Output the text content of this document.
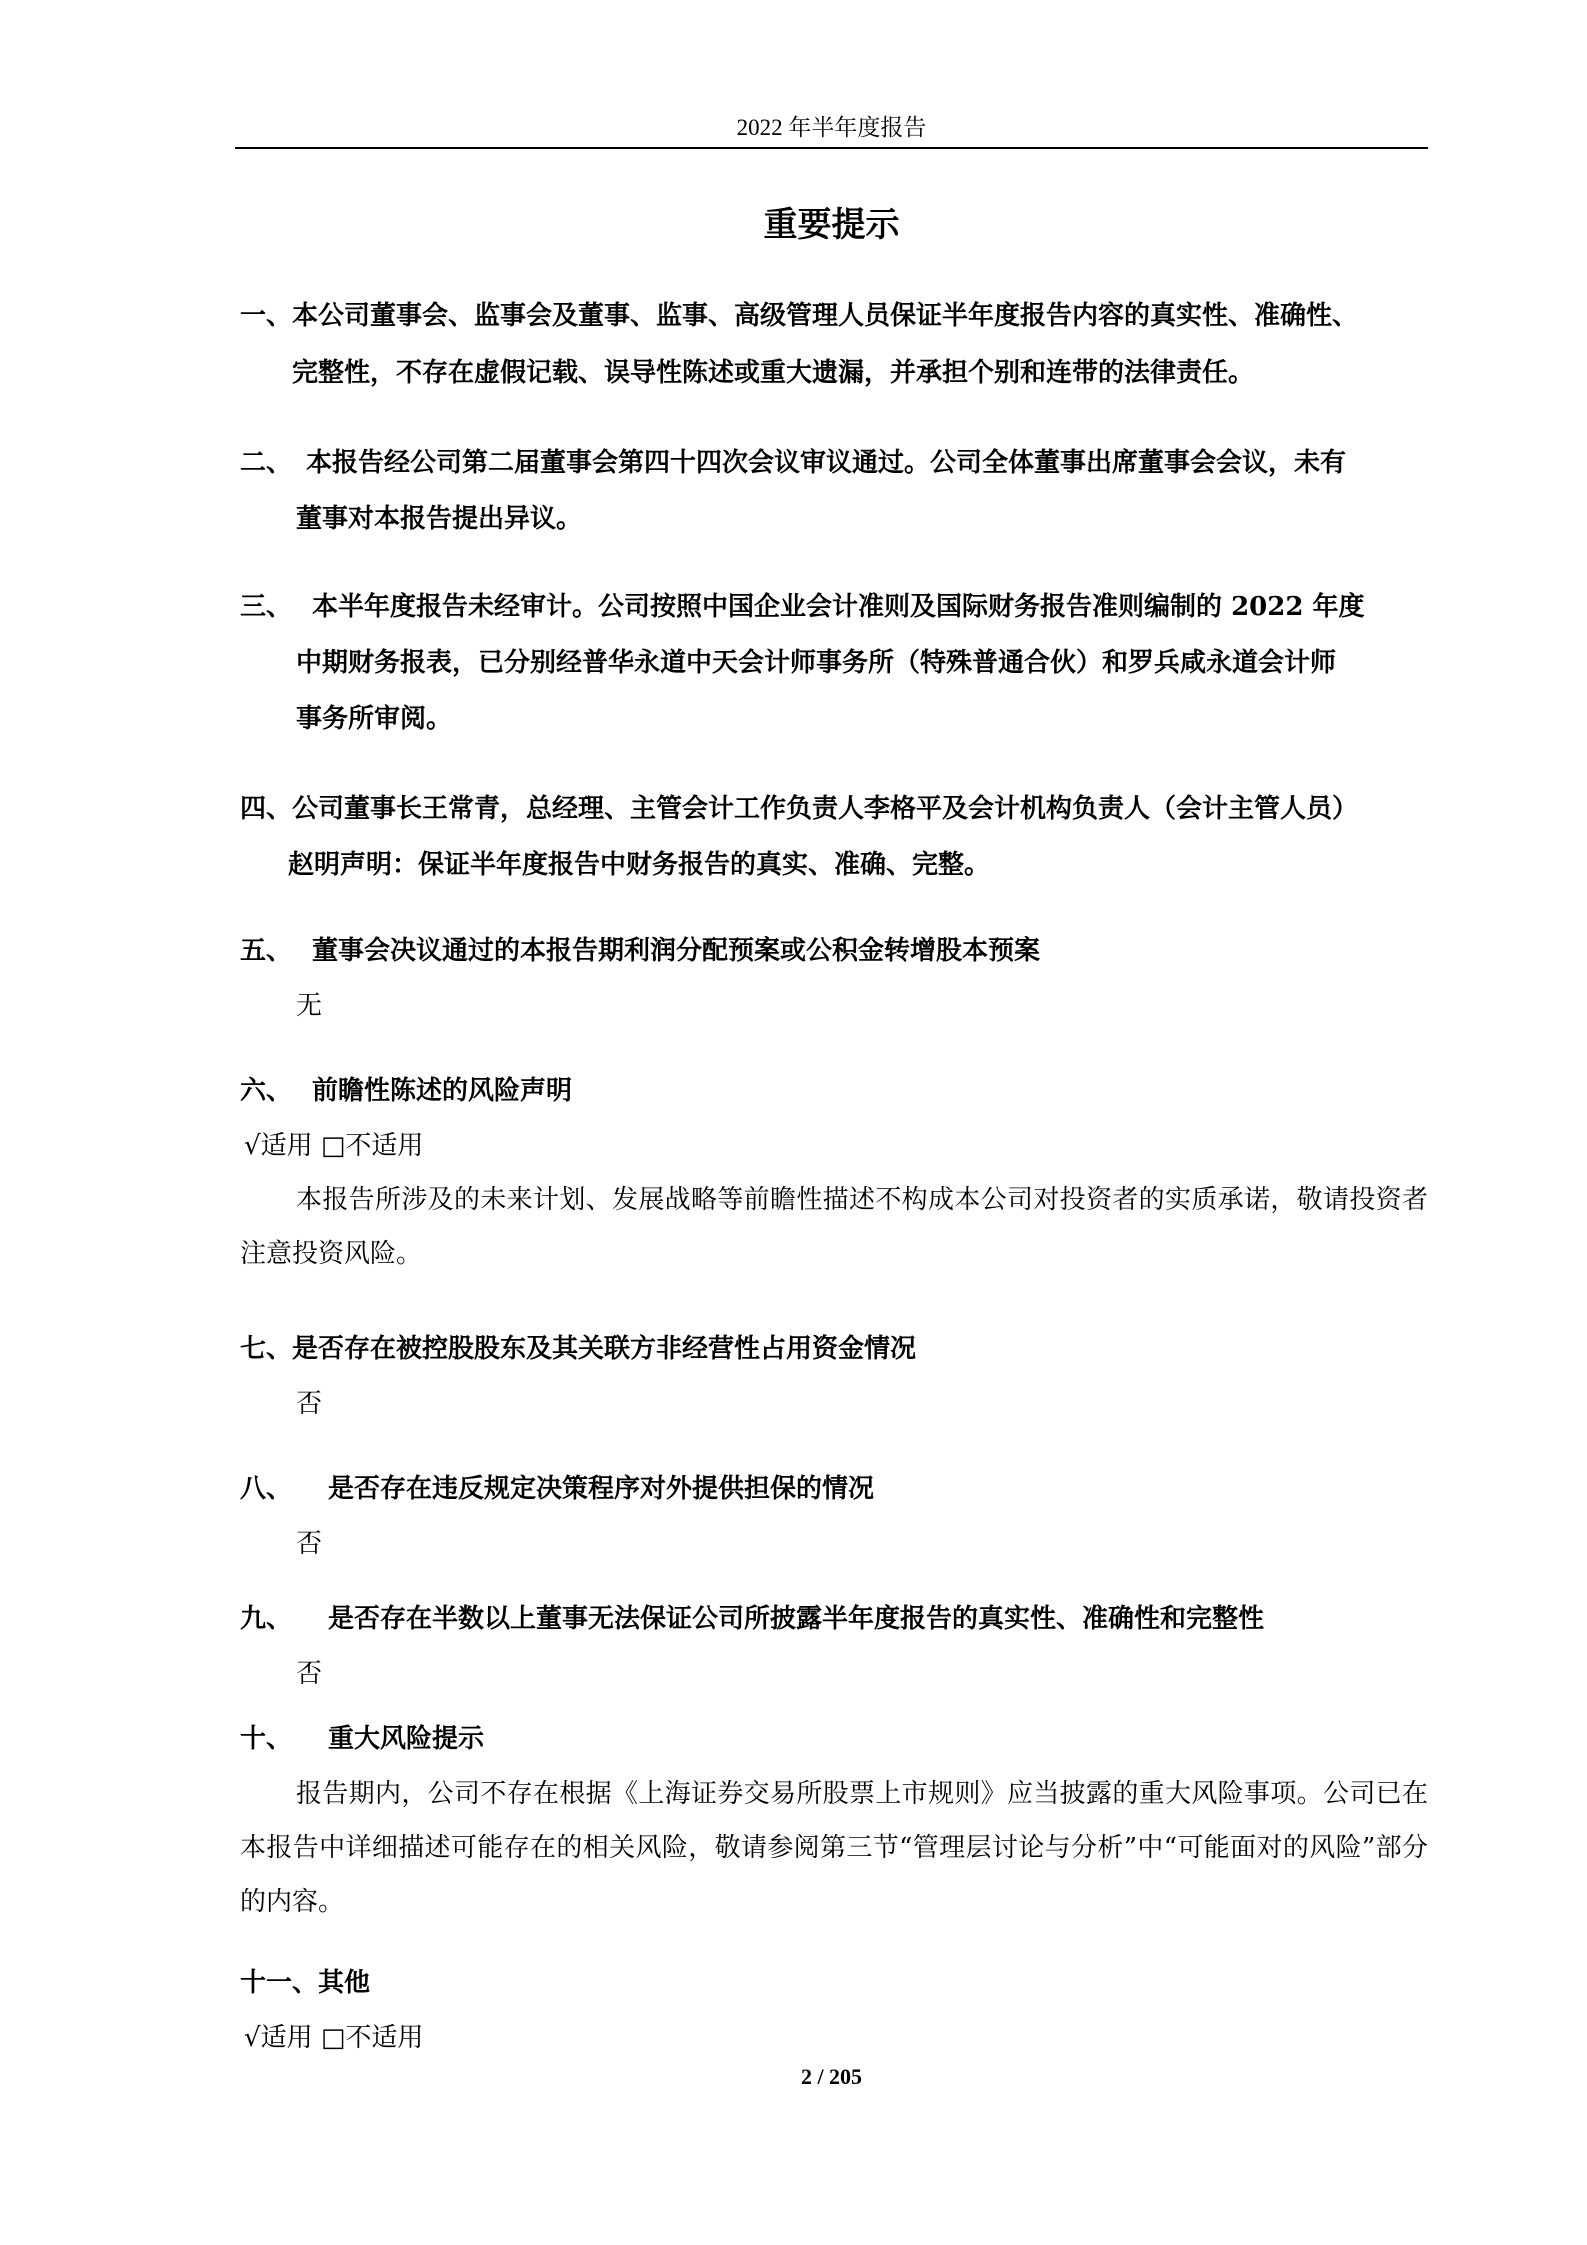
2022 年半年度报告
重要提示
一、 本公司董事会、监事会及董事、监事、高级管理人员保证半年度报告内容的真实性、准确性、
完整性，不存在虚假记载、误导性陈述或重大遗漏，并承担个别和连带的法律责任。
二、 本报告经公司第二届董事会第四十四次会议审议通过。公司全体董事出席董事会会议，未有
董事对本报告提出异议。
三、 本半年度报告未经审计。公司按照中国企业会计准则及国际财务报告准则编制的 2022 年度
中期财务报表，已分别经普华永道中天会计师事务所（特殊普通合伙）和罗兵咸永道会计师
事务所审阅。
四、 公司董事长王常青，总经理、主管会计工作负责人李格平及会计机构负责人（会计主管人员）
赵明声明：保证半年度报告中财务报告的真实、准确、完整。
五、 董事会决议通过的本报告期利润分配预案或公积金转增股本预案
无
六、 前瞻性陈述的风险声明
√适用 □不适用
本报告所涉及的未来计划、发展战略等前瞻性描述不构成本公司对投资者的实质承诺，敬请投资者注意投资风险。
七、 是否存在被控股股东及其关联方非经营性占用资金情况
否
八、	是否存在违反规定决策程序对外提供担保的情况
否
九、	是否存在半数以上董事无法保证公司所披露半年度报告的真实性、准确性和完整性
否
十、	重大风险提示
报告期内，公司不存在根据《上海证券交易所股票上市规则》应当披露的重大风险事项。公司已在本报告中详细描述可能存在的相关风险，敬请参阅第三节“管理层讨论与分析”中“可能面对的风险”部分的内容。
十一、 其他
√适用 □不适用
2 / 205
